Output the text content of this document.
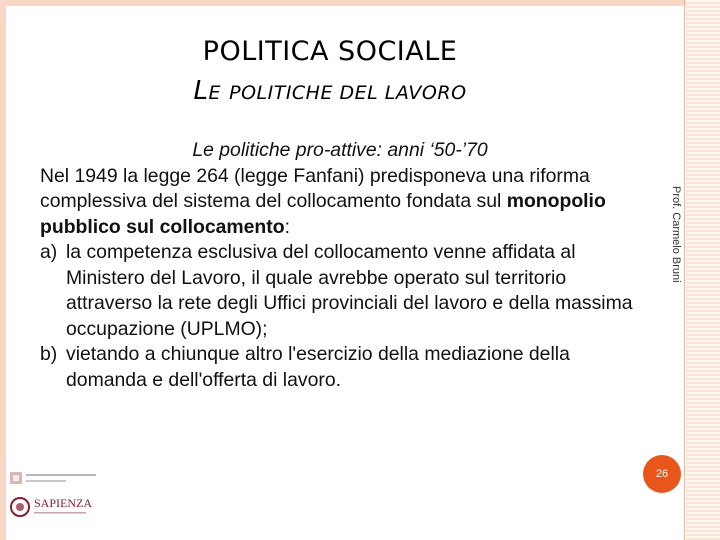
POLITICA SOCIALE
LE POLITICHE DEL LAVORO
Le politiche pro-attive: anni ‘50-’70
Nel 1949 la legge 264 (legge Fanfani) predisponeva una riforma complessiva del sistema del collocamento fondata sul monopolio pubblico sul collocamento:
a) la competenza esclusiva del collocamento venne affidata al Ministero del Lavoro, il quale avrebbe operato sul territorio attraverso la rete degli Uffici provinciali del lavoro e della massima occupazione (UPLMO);
b) vietando a chiunque altro l'esercizio della mediazione della domanda e dell'offerta di lavoro.
Prof. Carmelo Bruni
26
SAPIENZA
